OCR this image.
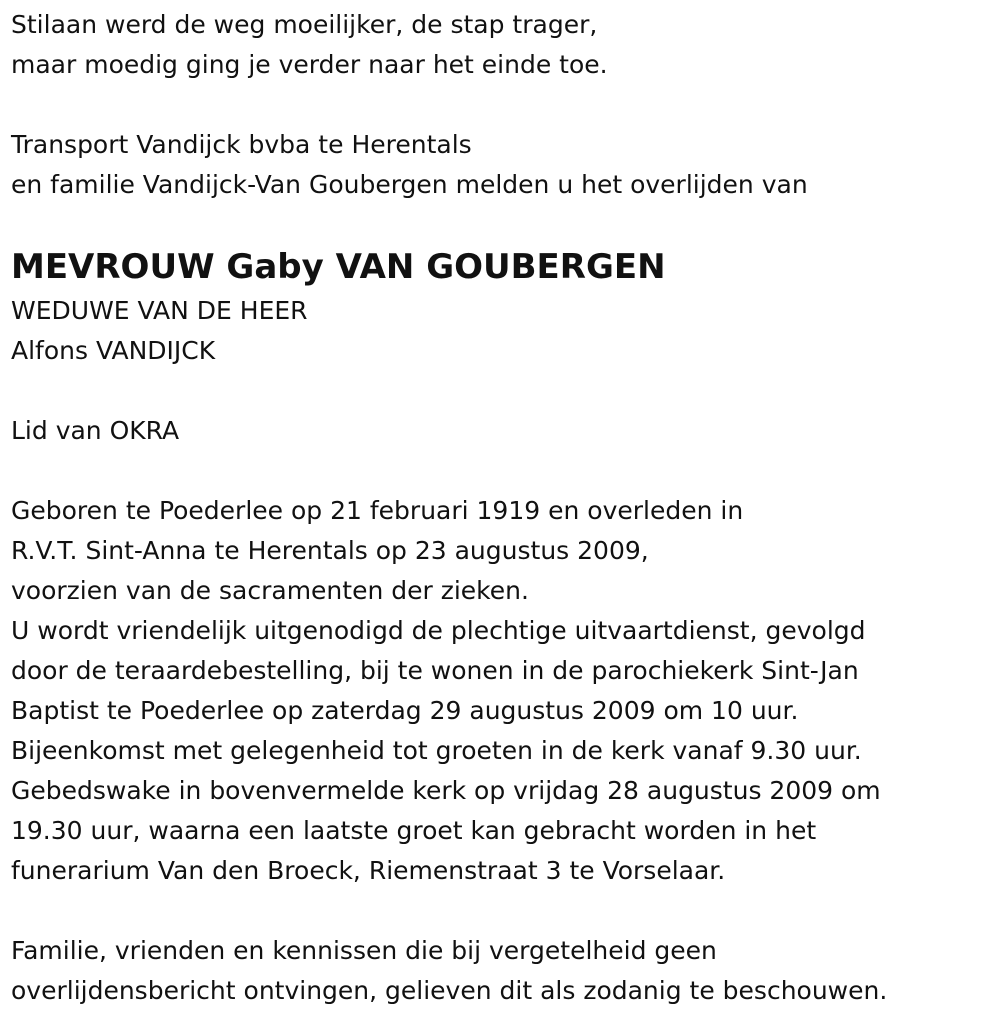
Stilaan werd de weg moeilijker, de stap trager,
maar moedig ging je verder naar het einde toe.
Transport Vandijck bvba te Herentals
en familie Vandijck-Van Goubergen melden u het overlijden van
MEVROUW Gaby VAN GOUBERGEN
WEDUWE VAN DE HEER
Alfons VANDIJCK
Lid van OKRA
Geboren te Poederlee op 21 februari 1919 en overleden in
R.V.T. Sint-Anna te Herentals op 23 augustus 2009,
voorzien van de sacramenten der zieken.
U wordt vriendelijk uitgenodigd de plechtige uitvaartdienst, gevolgd
door de teraardebestelling, bij te wonen in de parochiekerk Sint-Jan
Baptist te Poederlee op zaterdag 29 augustus 2009 om 10 uur.
Bijeenkomst met gelegenheid tot groeten in de kerk vanaf 9.30 uur.
Gebedswake in bovenvermelde kerk op vrijdag 28 augustus 2009 om
19.30 uur, waarna een laatste groet kan gebracht worden in het
funerarium Van den Broeck, Riemenstraat 3 te Vorselaar.
Familie, vrienden en kennissen die bij vergetelheid geen
overlijdensbericht ontvingen, gelieven dit als zodanig te beschouwen.
